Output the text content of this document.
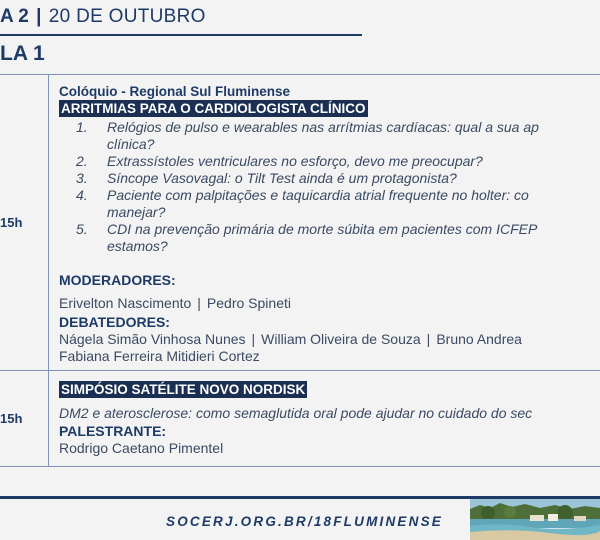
A 2 | 20 DE OUTUBRO
LA 1
15h
Colóquio - Regional Sul Fluminense
ARRITMIAS PARA O CARDIOLOGISTA CLÍNICO
1. Relógios de pulso e wearables nas arrítmias cardíacas: qual a sua ap
clínica?
2. Extrassístoles ventriculares no esforço, devo me preocupar?
3. Síncope Vasovagal: o Tilt Test ainda é um protagonista?
4. Paciente com palpitações e taquicardia atrial frequente no holter: co
manejar?
5. CDI na prevenção primária de morte súbita em pacientes com ICFEP
estamos?
MODERADORES:
Erivelton Nascimento | Pedro Spineti
DEBATEDORES:
Nágela Simão Vinhosa Nunes | William Oliveira de Souza | Bruno Andrea
Fabiana Ferreira Mitidieri Cortez
15h
SIMPÓSIO SATÉLITE NOVO NORDISK
DM2 e aterosclerose: como semaglutida oral pode ajudar no cuidado do sec
PALESTRANTE:
Rodrigo Caetano Pimentel
SOCERJ.ORG.BR/18FLUMINENSE
